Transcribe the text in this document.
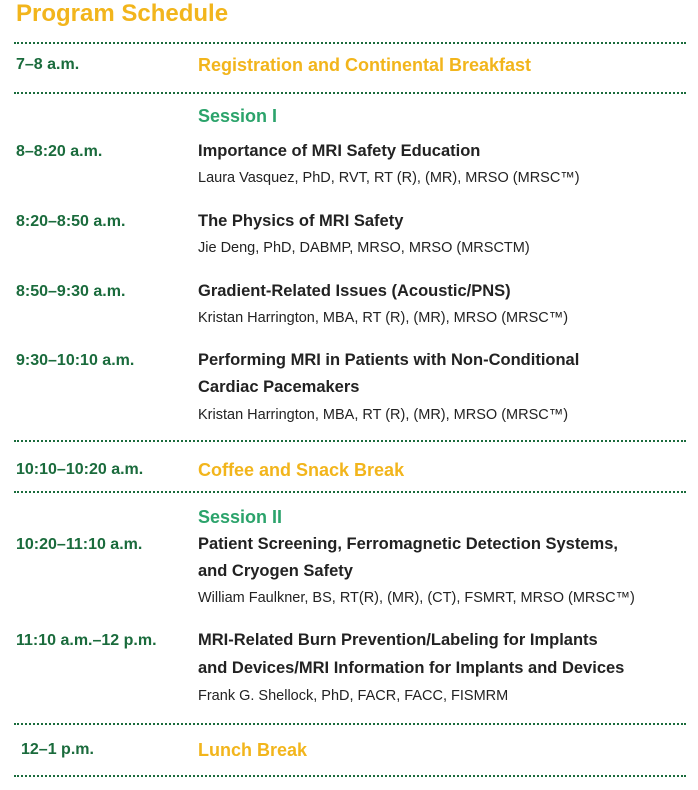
Program Schedule
7–8 a.m.	Registration and Continental Breakfast
Session I
8–8:20 a.m.	Importance of MRI Safety Education
Laura Vasquez, PhD, RVT, RT (R), (MR), MRSO (MRSC™)
8:20–8:50 a.m.	The Physics of MRI Safety
Jie Deng, PhD, DABMP, MRSO, MRSO (MRSCTM)
8:50–9:30 a.m.	Gradient-Related Issues (Acoustic/PNS)
Kristan Harrington, MBA, RT (R), (MR), MRSO (MRSC™)
9:30–10:10 a.m.	Performing MRI in Patients with Non-Conditional
Cardiac Pacemakers
Kristan Harrington, MBA, RT (R), (MR), MRSO (MRSC™)
10:10–10:20 a.m.	Coffee and Snack Break
Session II
10:20–11:10 a.m.	Patient Screening, Ferromagnetic Detection Systems,
and Cryogen Safety
William Faulkner, BS, RT(R), (MR), (CT), FSMRT, MRSO (MRSC™)
11:10 a.m.–12 p.m.	MRI-Related Burn Prevention/Labeling for Implants
and Devices/MRI Information for Implants and Devices
Frank G. Shellock, PhD, FACR, FACC, FISMRM
12–1 p.m.	Lunch Break
